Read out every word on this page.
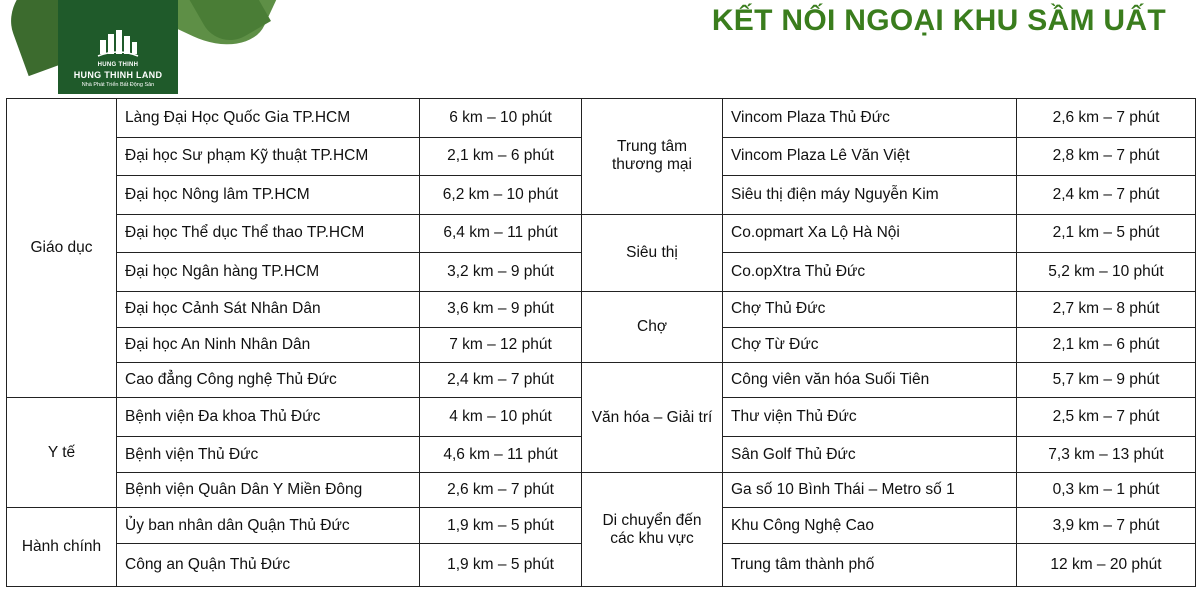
HUNG THINH
HUNG THINH LAND
Nhà Phát Triển Bất Động Sản
KẾT NỐI NGOẠI KHU SẦM UẤT
Giáo dục	Làng Đại Học Quốc Gia TP.HCM	6 km – 10 phút	Trung tâm thương mại	Vincom Plaza Thủ Đức	2,6 km – 7 phút
	Đại học Sư phạm Kỹ thuật TP.HCM	2,1 km – 6 phút		Vincom Plaza Lê Văn Việt	2,8 km – 7 phút
	Đại học Nông lâm TP.HCM	6,2 km – 10 phút		Siêu thị điện máy Nguyễn Kim	2,4 km – 7 phút
	Đại học Thể dục Thể thao TP.HCM	6,4 km – 11 phút	Siêu thị	Co.opmart Xa Lộ Hà Nội	2,1 km – 5 phút
	Đại học Ngân hàng TP.HCM	3,2 km – 9 phút		Co.opXtra Thủ Đức	5,2 km – 10 phút
	Đại học Cảnh Sát Nhân Dân	3,6 km – 9 phút	Chợ	Chợ Thủ Đức	2,7 km – 8 phút
	Đại học An Ninh Nhân Dân	7 km – 12 phút		Chợ Từ Đức	2,1 km – 6 phút
	Cao đẳng Công nghệ Thủ Đức	2,4 km – 7 phút	Văn hóa – Giải trí	Công viên văn hóa Suối Tiên	5,7 km – 9 phút
Y tế	Bệnh viện Đa khoa Thủ Đức	4 km – 10 phút		Thư viện Thủ Đức	2,5 km – 7 phút
	Bệnh viện Thủ Đức	4,6 km – 11 phút		Sân Golf Thủ Đức	7,3 km – 13 phút
	Bệnh viện Quân Dân Y Miền Đông	2,6 km – 7 phút	Di chuyển đến các khu vực	Ga số 10 Bình Thái – Metro số 1	0,3 km – 1 phút
Hành chính	Ủy ban nhân dân Quận Thủ Đức	1,9 km – 5 phút		Khu Công Nghệ Cao	3,9 km – 7 phút
	Công an Quận Thủ Đức	1,9 km – 5 phút		Trung tâm thành phố	12 km – 20 phút
